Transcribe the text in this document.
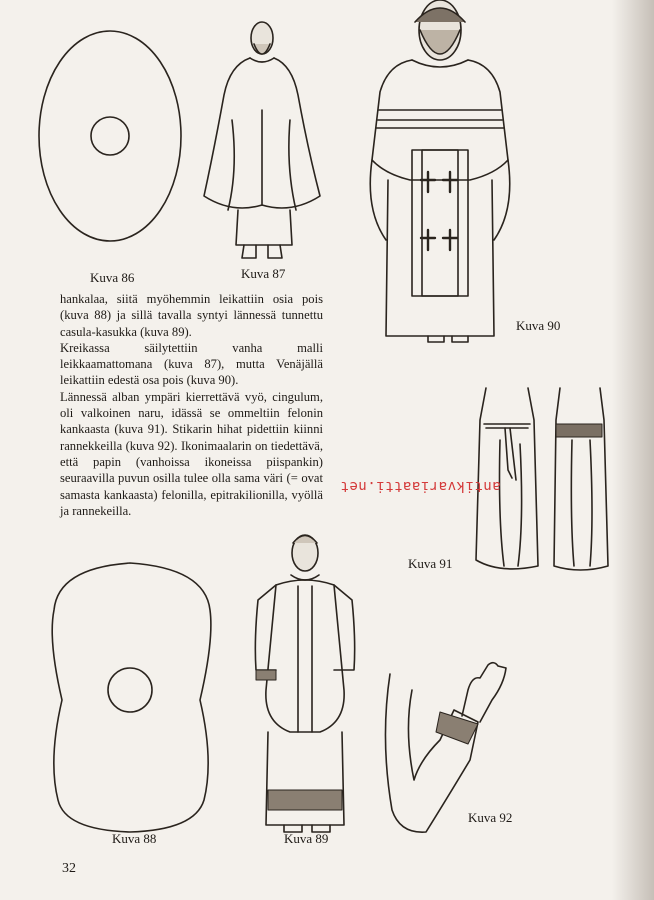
Kuva 86	Kuva 87
Kuva 90
Kuva 91
Kuva 88	Kuva 89
Kuva 92

hankalaa, siitä myöhemmin leikattiin osia pois (kuva 88) ja sillä tavalla syntyi lännessä tunnettu casula-kasukka (kuva 89).

Kreikassa säilytettiin vanha malli leikkaamattomana (kuva 87), mutta Venäjällä leikattiin edestä osa pois (kuva 90).

Lännessä alban ympäri kierrettävä vyö, cingulum, oli valkoinen naru, idässä se ommeltiin felonin kankaasta (kuva 91). Stikarin hihat pidettiin kiinni rannekkeilla (kuva 92). Ikonimaalarin on tiedettävä, että papin (vanhoissa ikoneissa piispankin) seuraavilla puvun osilla tulee olla sama väri (= ovat samasta kankaasta) felonilla, epitrakilionilla, vyöllä ja rannekeilla.

antikvariaatti.net
32
